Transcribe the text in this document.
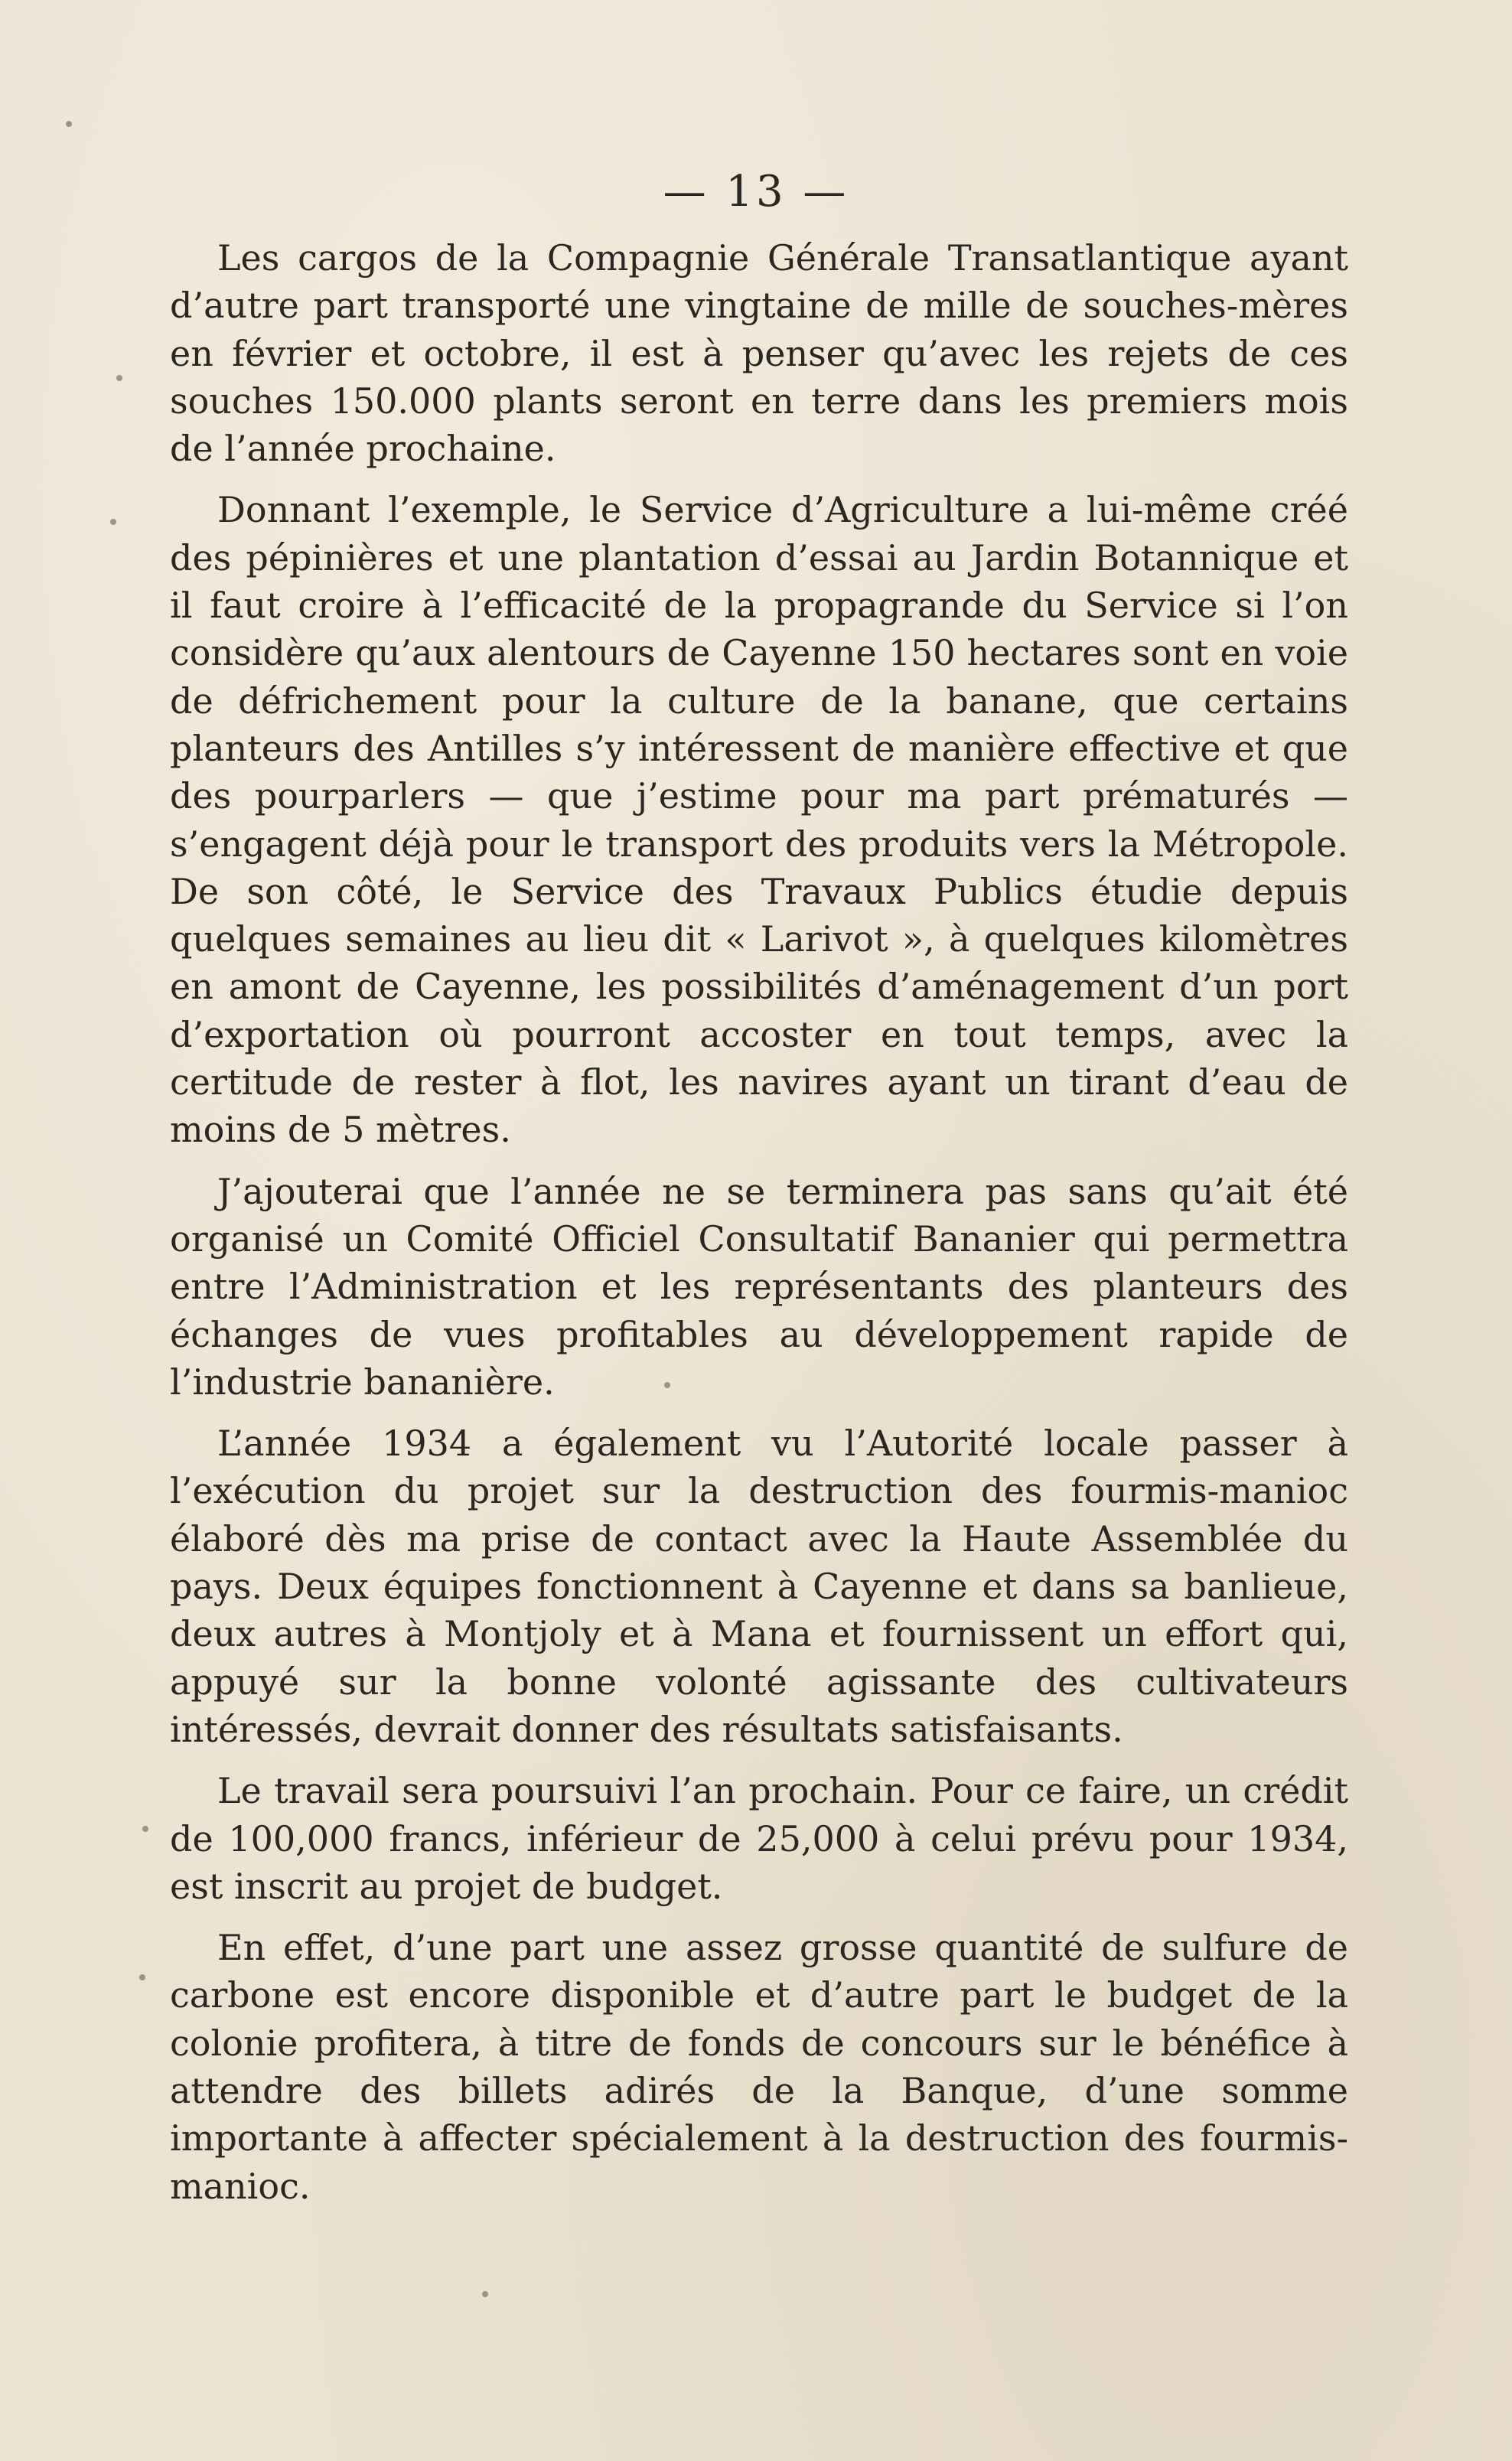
— 13 —

Les cargos de la Compagnie Générale Transatlantique ayant d’autre part transporté une vingtaine de mille de souches-mères en février et octobre, il est à penser qu’avec les rejets de ces souches 150.000 plants seront en terre dans les premiers mois de l’année prochaine.

Donnant l’exemple, le Service d’Agriculture a lui-même créé des pépinières et une plantation d’essai au Jardin Botannique et il faut croire à l’efficacité de la propagrande du Service si l’on considère qu’aux alentours de Cayenne 150 hectares sont en voie de défrichement pour la culture de la banane, que certains planteurs des Antilles s’y intéressent de manière effective et que des pourparlers — que j’estime pour ma part prématurés — s’engagent déjà pour le transport des produits vers la Métropole. De son côté, le Service des Travaux Publics étudie depuis quelques semaines au lieu dit « Larivot », à quelques kilomètres en amont de Cayenne, les possibilités d’aménagement d’un port d’exportation où pourront accoster en tout temps, avec la certitude de rester à flot, les navires ayant un tirant d’eau de moins de 5 mètres.

J’ajouterai que l’année ne se terminera pas sans qu’ait été organisé un Comité Officiel Consultatif Bananier qui permettra entre l’Administration et les représentants des planteurs des échanges de vues profitables au développement rapide de l’industrie bananière.

L’année 1934 a également vu l’Autorité locale passer à l’exécution du projet sur la destruction des fourmis-manioc élaboré dès ma prise de contact avec la Haute Assemblée du pays. Deux équipes fonctionnent à Cayenne et dans sa banlieue, deux autres à Montjoly et à Mana et fournissent un effort qui, appuyé sur la bonne volonté agissante des cultivateurs intéressés, devrait donner des résultats satisfaisants.

Le travail sera poursuivi l’an prochain. Pour ce faire, un crédit de 100,000 francs, inférieur de 25,000 à celui prévu pour 1934, est inscrit au projet de budget.

En effet, d’une part une assez grosse quantité de sulfure de carbone est encore disponible et d’autre part le budget de la colonie profitera, à titre de fonds de concours sur le bénéfice à attendre des billets adirés de la Banque, d’une somme importante à affecter spécialement à la destruction des fourmis-manioc.
